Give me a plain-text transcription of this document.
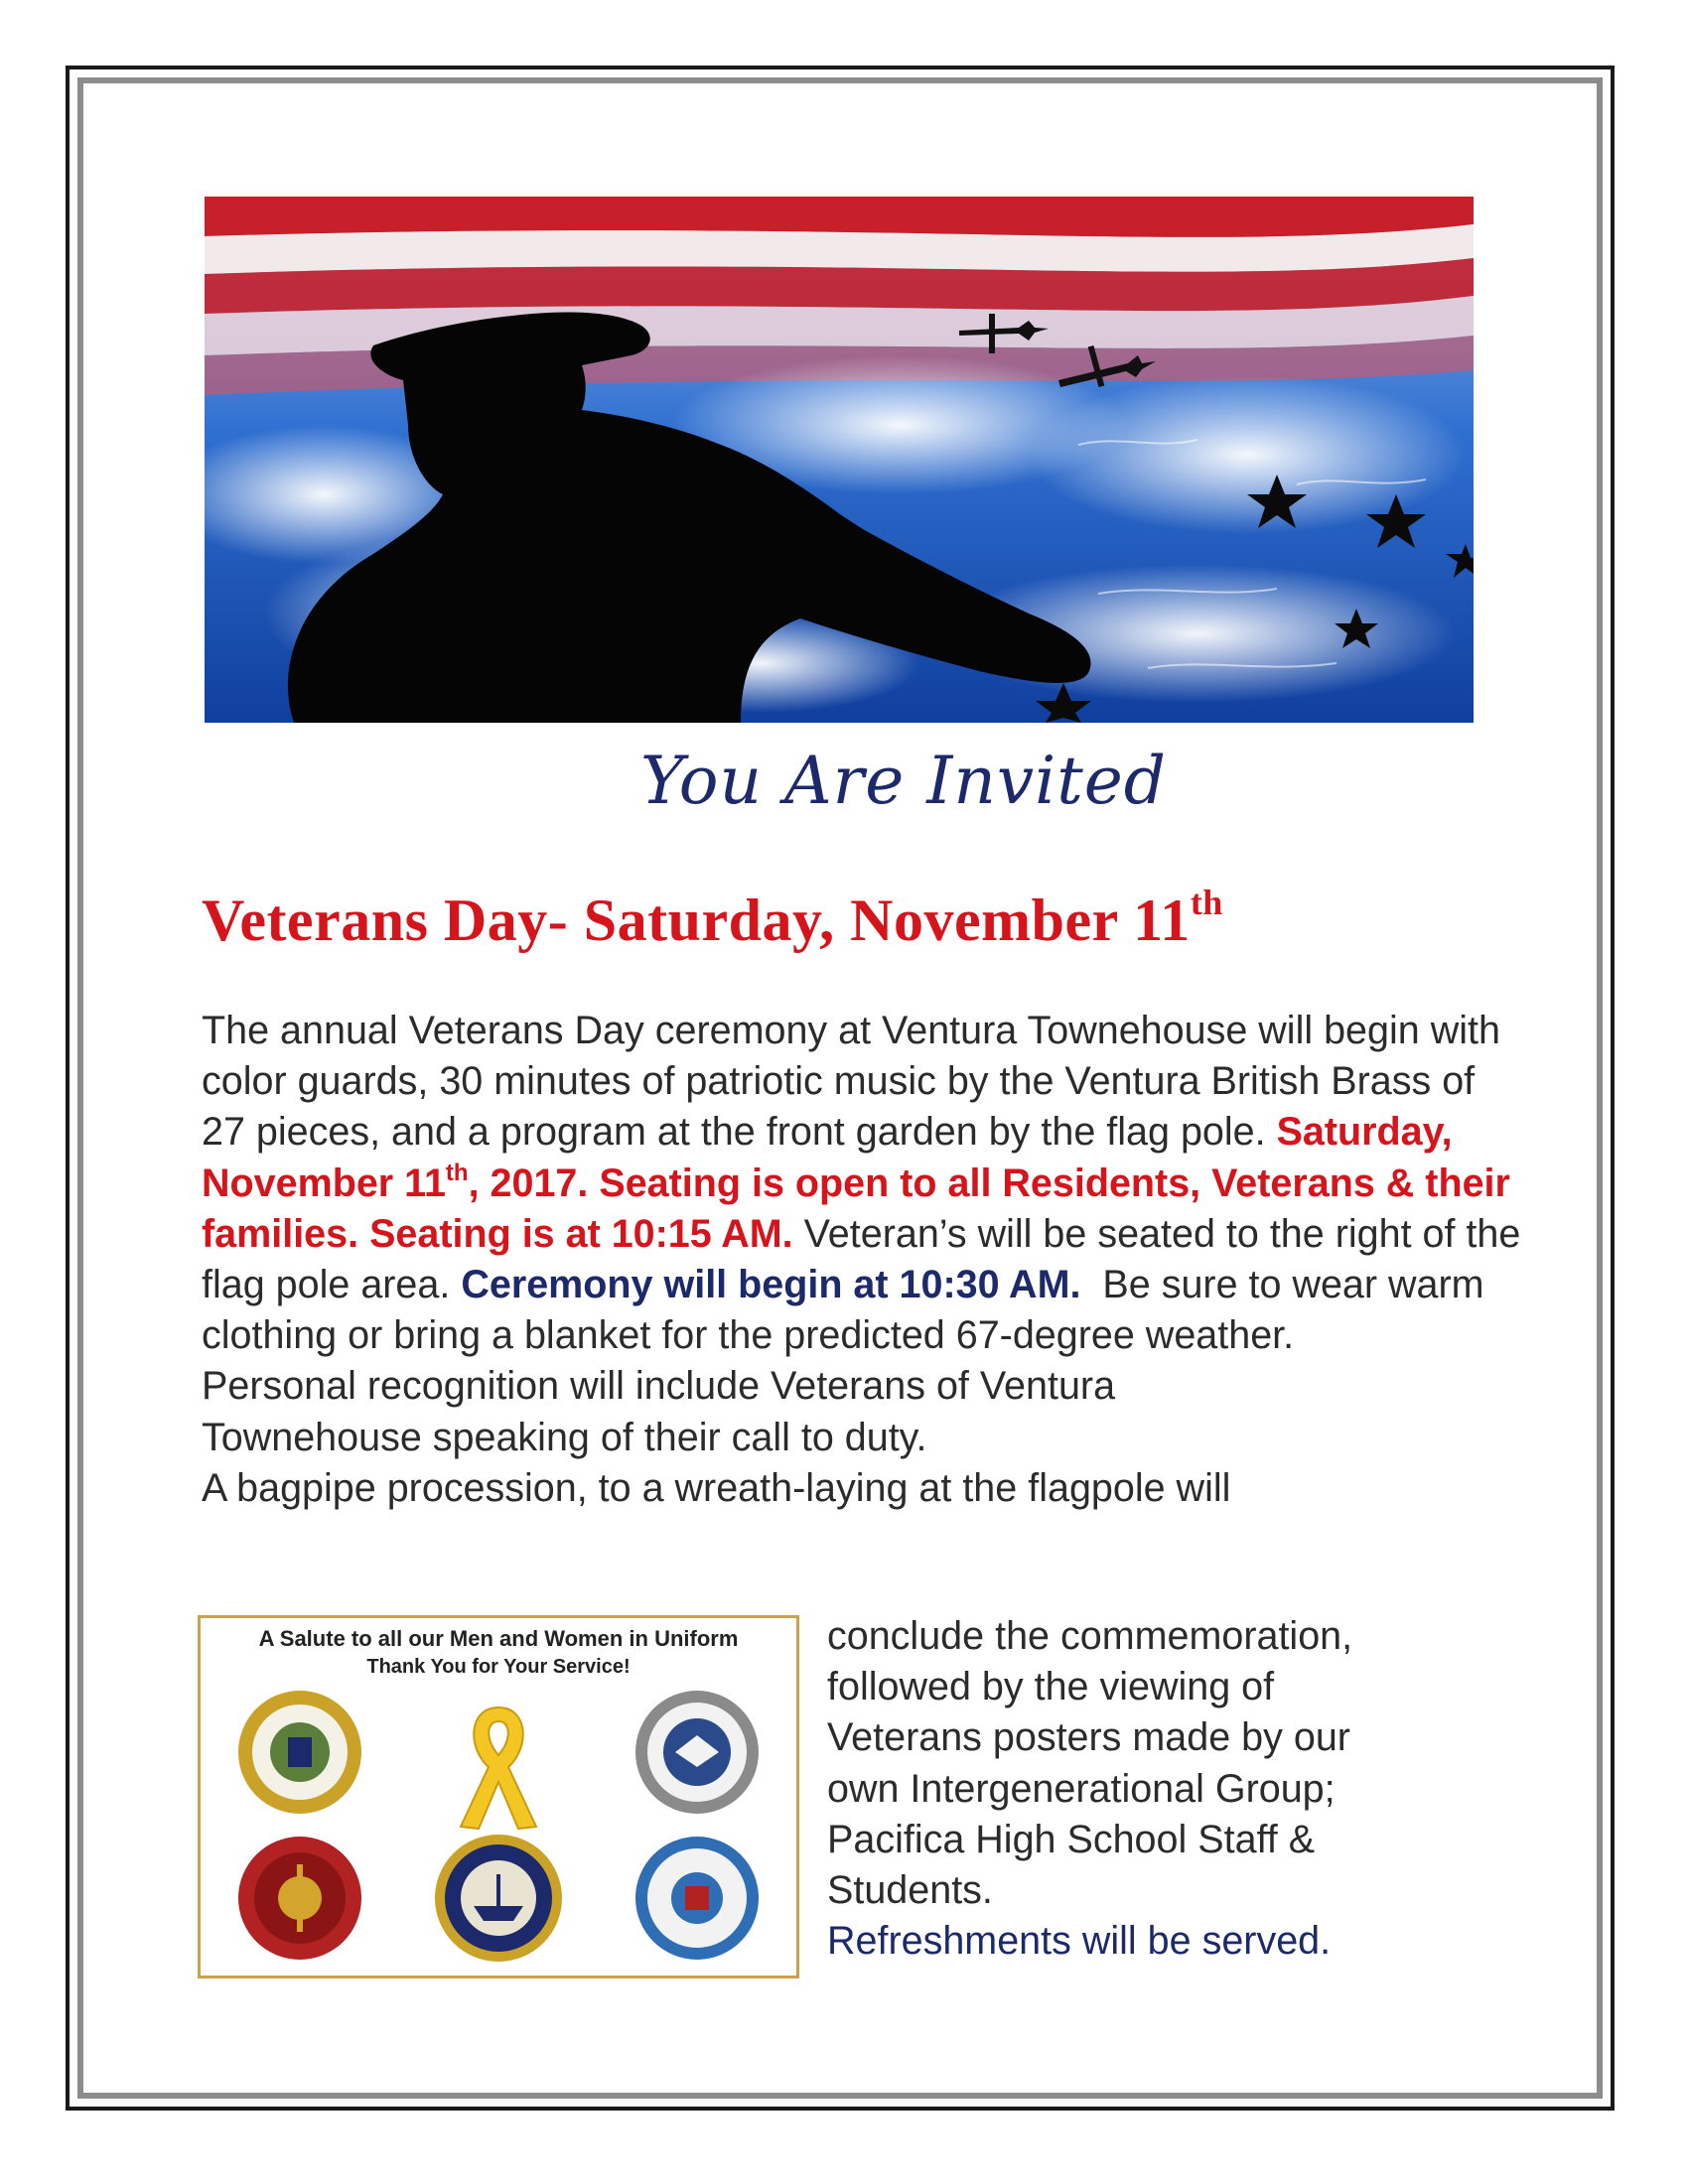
You Are Invited
Veterans Day- Saturday, November 11th

The annual Veterans Day ceremony at Ventura Townehouse will begin with color guards, 30 minutes of patriotic music by the Ventura British Brass of 27 pieces, and a program at the front garden by the flag pole. Saturday, November 11th, 2017. Seating is open to all Residents, Veterans & their families. Seating is at 10:15 AM. Veteran’s will be seated to the right of the flag pole area. Ceremony will begin at 10:30 AM. Be sure to wear warm clothing or bring a blanket for the predicted 67-degree weather.

Personal recognition will include Veterans of Ventura Townehouse speaking of their call to duty.

A bagpipe procession, to a wreath-laying at the flagpole will

conclude the commemoration,
followed by the viewing of
Veterans posters made by our
own Intergenerational Group;
Pacifica High School Staff &
Students.
Refreshments will be served.
A Salute to all our Men and Women in Uniform
Thank You for Your Service!
